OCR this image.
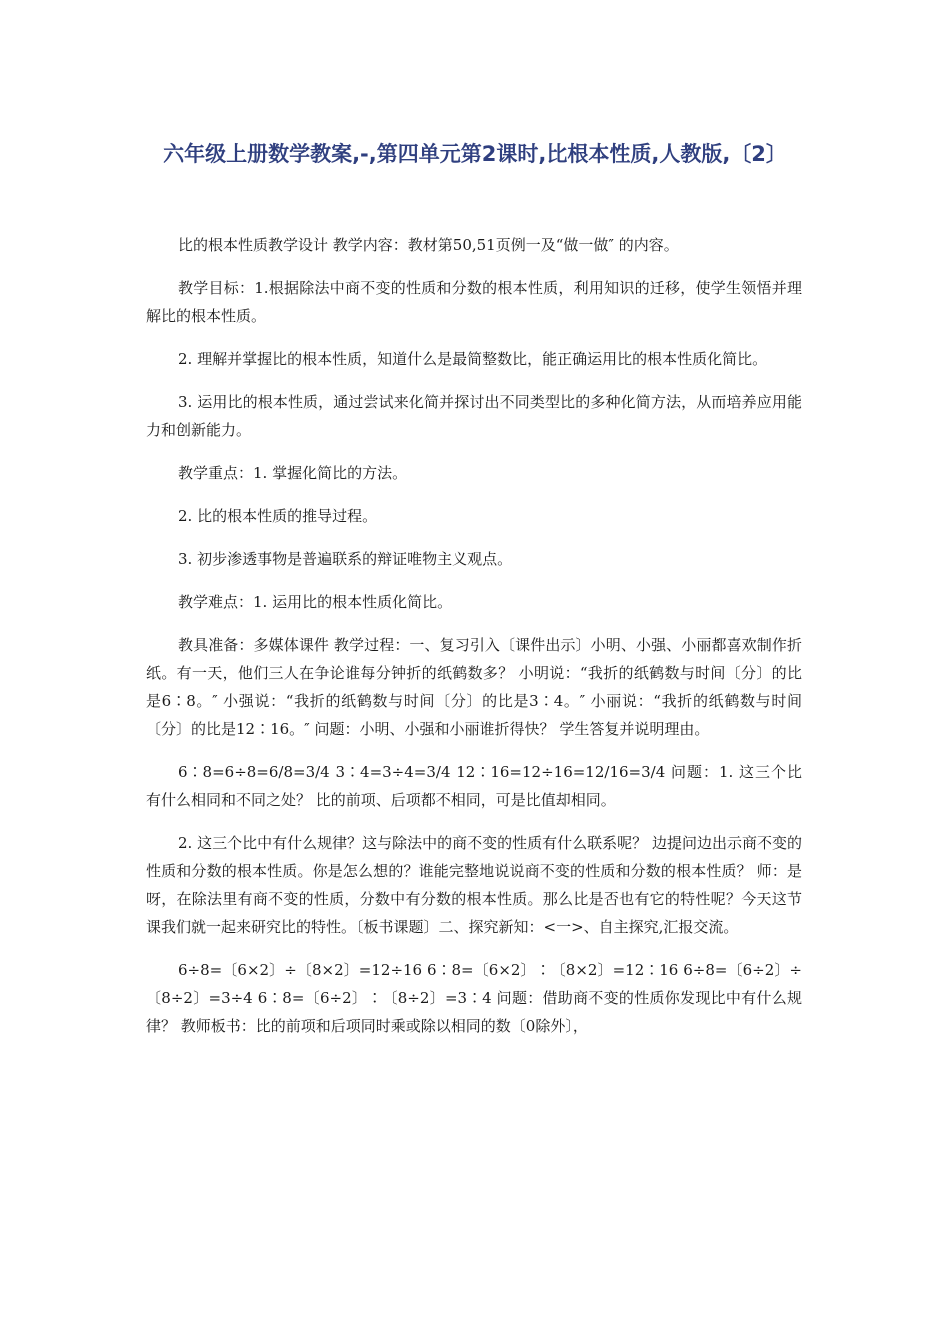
六年级上册数学教案,-,第四单元第2课时,比根本性质,人教版,〔2〕

比的根本性质教学设计 教学内容：教材第50,51页例一及“做一做″ 的内容。

教学目标：1.根据除法中商不变的性质和分数的根本性质，利用知识的迁移，使学生领悟并理解比的根本性质。

2. 理解并掌握比的根本性质，知道什么是最简整数比，能正确运用比的根本性质化简比。

3. 运用比的根本性质，通过尝试来化简并探讨出不同类型比的多种化简方法，从而培养应用能力和创新能力。

教学重点：1. 掌握化简比的方法。

2. 比的根本性质的推导过程。

3. 初步渗透事物是普遍联系的辩证唯物主义观点。

教学难点：1. 运用比的根本性质化简比。

教具准备：多媒体课件 教学过程：一、复习引入〔课件出示〕小明、小强、小丽都喜欢制作折纸。有一天，他们三人在争论谁每分钟折的纸鹤数多？ 小明说：“我折的纸鹤数与时间〔分〕的比是6∶8。″ 小强说：“我折的纸鹤数与时间〔分〕的比是3∶4。″ 小丽说：“我折的纸鹤数与时间〔分〕的比是12∶16。″ 问题：小明、小强和小丽谁折得快？ 学生答复并说明理由。

6∶8=6÷8=6/8=3/4 3∶4=3÷4=3/4 12∶16=12÷16=12/16=3/4 问题：1. 这三个比有什么相同和不同之处？ 比的前项、后项都不相同，可是比值却相同。

2. 这三个比中有什么规律？这与除法中的商不变的性质有什么联系呢？ 边提问边出示商不变的性质和分数的根本性质。你是怎么想的？谁能完整地说说商不变的性质和分数的根本性质？ 师：是呀，在除法里有商不变的性质，分数中有分数的根本性质。那么比是否也有它的特性呢？今天这节课我们就一起来研究比的特性。〔板书课题〕二、探究新知：<一>、自主探究,汇报交流。

6÷8=〔6×2〕÷〔8×2〕=12÷16 6∶8=〔6×2〕∶〔8×2〕=12∶16 6÷8=〔6÷2〕÷〔8÷2〕=3÷4 6∶8=〔6÷2〕∶〔8÷2〕=3∶4 问题：借助商不变的性质你发现比中有什么规律？ 教师板书：比的前项和后项同时乘或除以相同的数〔0除外〕，
